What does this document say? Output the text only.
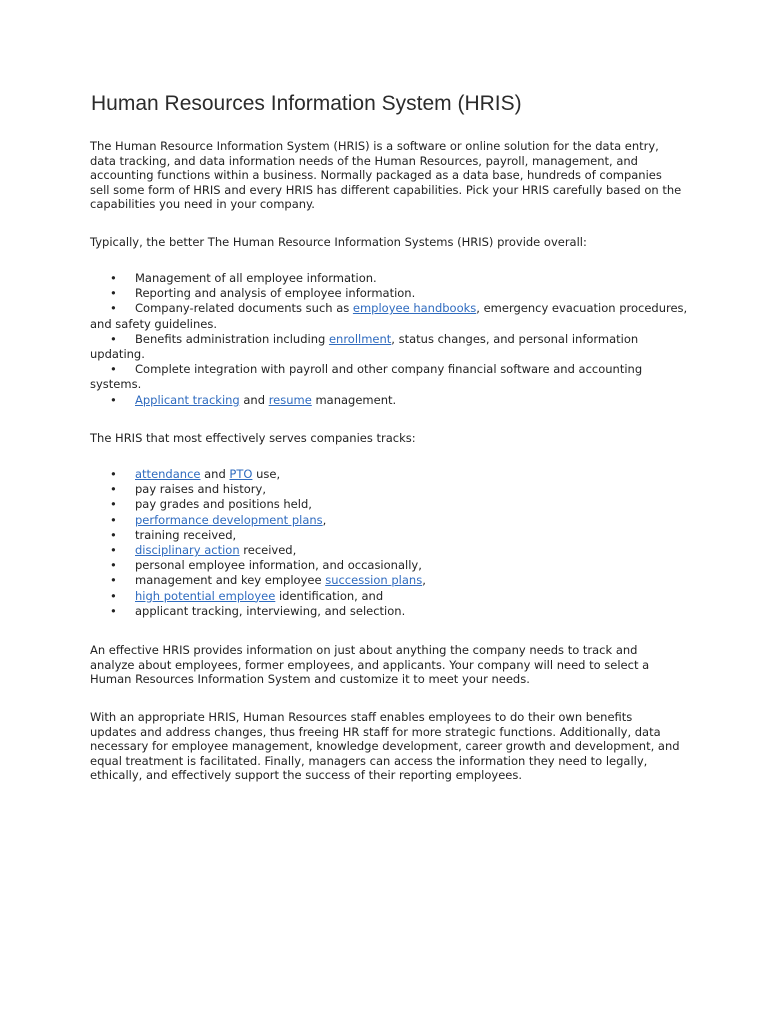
Human Resources Information System (HRIS)

The Human Resource Information System (HRIS) is a software or online solution for the data entry, data tracking, and data information needs of the Human Resources, payroll, management, and accounting functions within a business. Normally packaged as a data base, hundreds of companies sell some form of HRIS and every HRIS has different capabilities. Pick your HRIS carefully based on the capabilities you need in your company.

Typically, the better The Human Resource Information Systems (HRIS) provide overall:

• Management of all employee information.
• Reporting and analysis of employee information.
• Company-related documents such as employee handbooks, emergency evacuation procedures, and safety guidelines.
• Benefits administration including enrollment, status changes, and personal information updating.
• Complete integration with payroll and other company financial software and accounting systems.
• Applicant tracking and resume management.

The HRIS that most effectively serves companies tracks:

• attendance and PTO use,
• pay raises and history,
• pay grades and positions held,
• performance development plans,
• training received,
• disciplinary action received,
• personal employee information, and occasionally,
• management and key employee succession plans,
• high potential employee identification, and
• applicant tracking, interviewing, and selection.

An effective HRIS provides information on just about anything the company needs to track and analyze about employees, former employees, and applicants. Your company will need to select a Human Resources Information System and customize it to meet your needs.

With an appropriate HRIS, Human Resources staff enables employees to do their own benefits updates and address changes, thus freeing HR staff for more strategic functions. Additionally, data necessary for employee management, knowledge development, career growth and development, and equal treatment is facilitated. Finally, managers can access the information they need to legally, ethically, and effectively support the success of their reporting employees.
